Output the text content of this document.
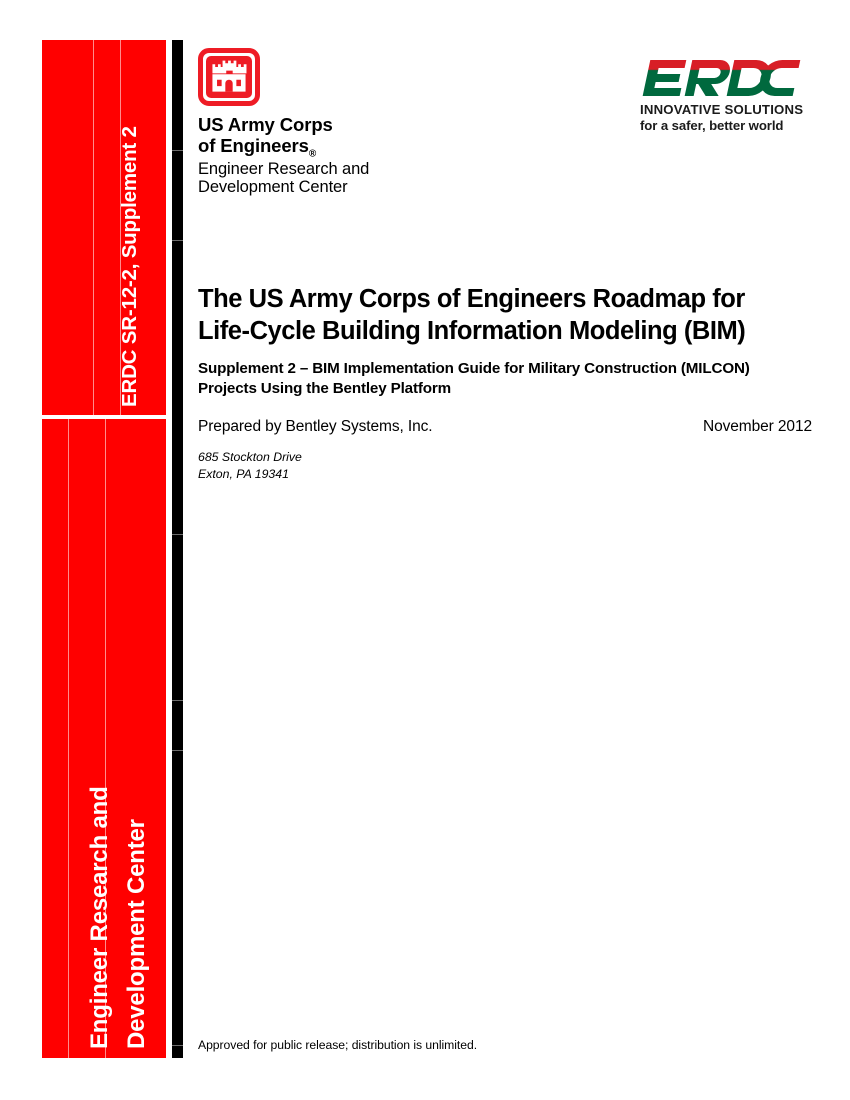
ERDC SR-12-2, Supplement 2
Engineer Research and Development Center
US Army Corps
of Engineers$_®$
Engineer Research and
Development Center
INNOVATIVE SOLUTIONS
for a safer, better world
The US Army Corps of Engineers Roadmap for
Life-Cycle Building Information Modeling (BIM)

Supplement 2 – BIM Implementation Guide for Military Construction (MILCON)
Projects Using the Bentley Platform

Prepared by Bentley Systems, Inc.	November 2012
685 Stockton Drive
Exton, PA 19341
Approved for public release; distribution is unlimited.
